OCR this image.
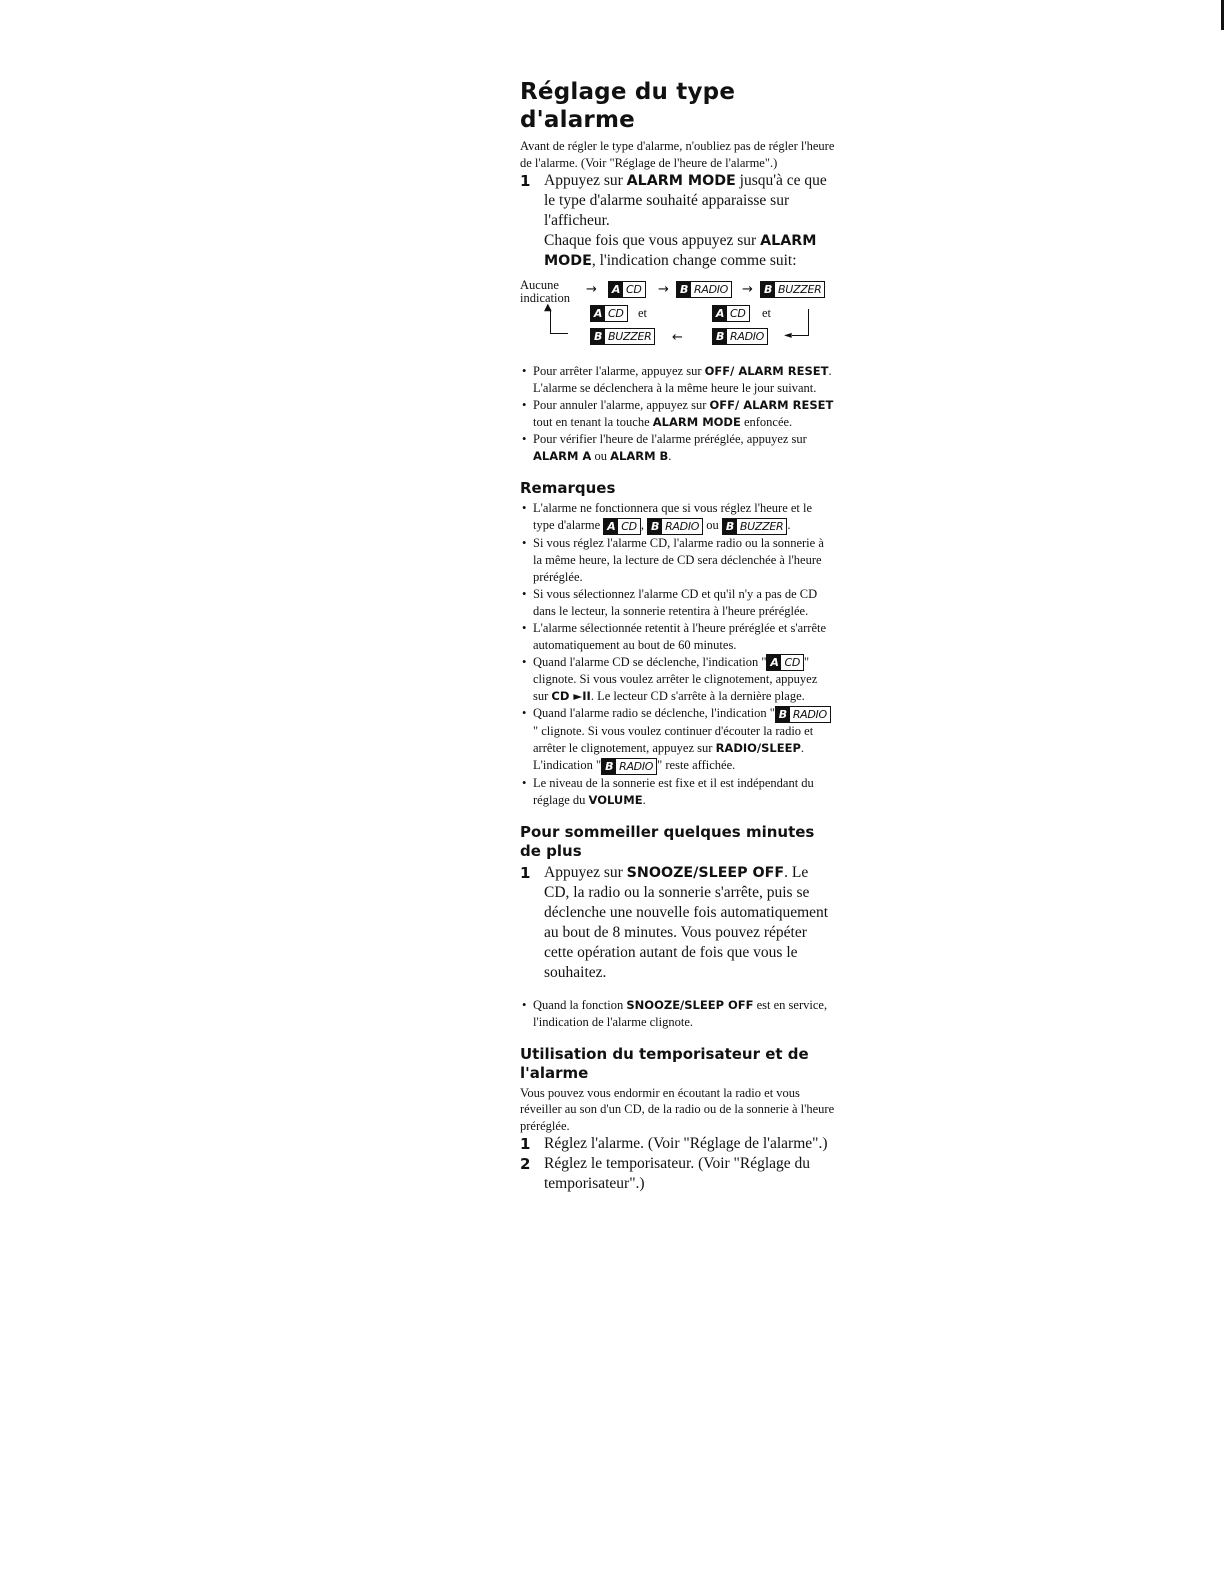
Réglage du type d'alarme

Avant de régler le type d'alarme, n'oubliez pas de régler l'heure de l'alarme. (Voir "Réglage de l'heure de l'alarme".)

1 Appuyez sur ALARM MODE jusqu'à ce que le type d'alarme souhaité apparaisse sur l'afficheur.
Chaque fois que vous appuyez sur ALARM MODE, l'indication change comme suit:
Aucune
indication
→ A CD → B RADIO → B BUZZER
▲	A CD et
B BUZZER ←
A CD et
B RADIO ◄
• Pour arrêter l'alarme, appuyez sur OFF/ ALARM RESET. L'alarme se déclenchera à la même heure le jour suivant.
• Pour annuler l'alarme, appuyez sur OFF/ ALARM RESET tout en tenant la touche ALARM MODE enfoncée.
• Pour vérifier l'heure de l'alarme préréglée, appuyez sur ALARM A ou ALARM B.
Remarques
• L'alarme ne fonctionnera que si vous réglez l'heure et le type d'alarme A CD , B RADIO ou B BUZZER .
• Si vous réglez l'alarme CD, l'alarme radio ou la sonnerie à la même heure, la lecture de CD sera déclenchée à l'heure préréglée.
• Si vous sélectionnez l'alarme CD et qu'il n'y a pas de CD dans le lecteur, la sonnerie retentira à l'heure préréglée.
• L'alarme sélectionnée retentit à l'heure préréglée et s'arrête automatiquement au bout de 60 minutes.
• Quand l'alarme CD se déclenche, l'indication " A CD " clignote. Si vous voulez arrêter le clignotement, appuyez sur CD ►II. Le lecteur CD s'arrête à la dernière plage.
• Quand l'alarme radio se déclenche, l'indication " B RADIO
" clignote. Si vous voulez continuer d'écouter la radio et arrêter le clignotement, appuyez sur RADIO/SLEEP. L'indication " B RADIO " reste affichée.
• Le niveau de la sonnerie est fixe et il est indépendant du réglage du VOLUME.
Pour sommeiller quelques minutes de plus
1 Appuyez sur SNOOZE/SLEEP OFF. Le CD, la radio ou la sonnerie s'arrête, puis se déclenche une nouvelle fois automatiquement au bout de 8 minutes. Vous pouvez répéter cette opération autant de fois que vous le souhaitez.
• Quand la fonction SNOOZE/SLEEP OFF est en service, l'indication de l'alarme clignote.
Utilisation du temporisateur et de l'alarme

Vous pouvez vous endormir en écoutant la radio et vous réveiller au son d'un CD, de la radio ou de la sonnerie à l'heure préréglée.

1 Réglez l'alarme. (Voir "Réglage de l'alarme".)
2 Réglez le temporisateur. (Voir "Réglage du temporisateur".)
